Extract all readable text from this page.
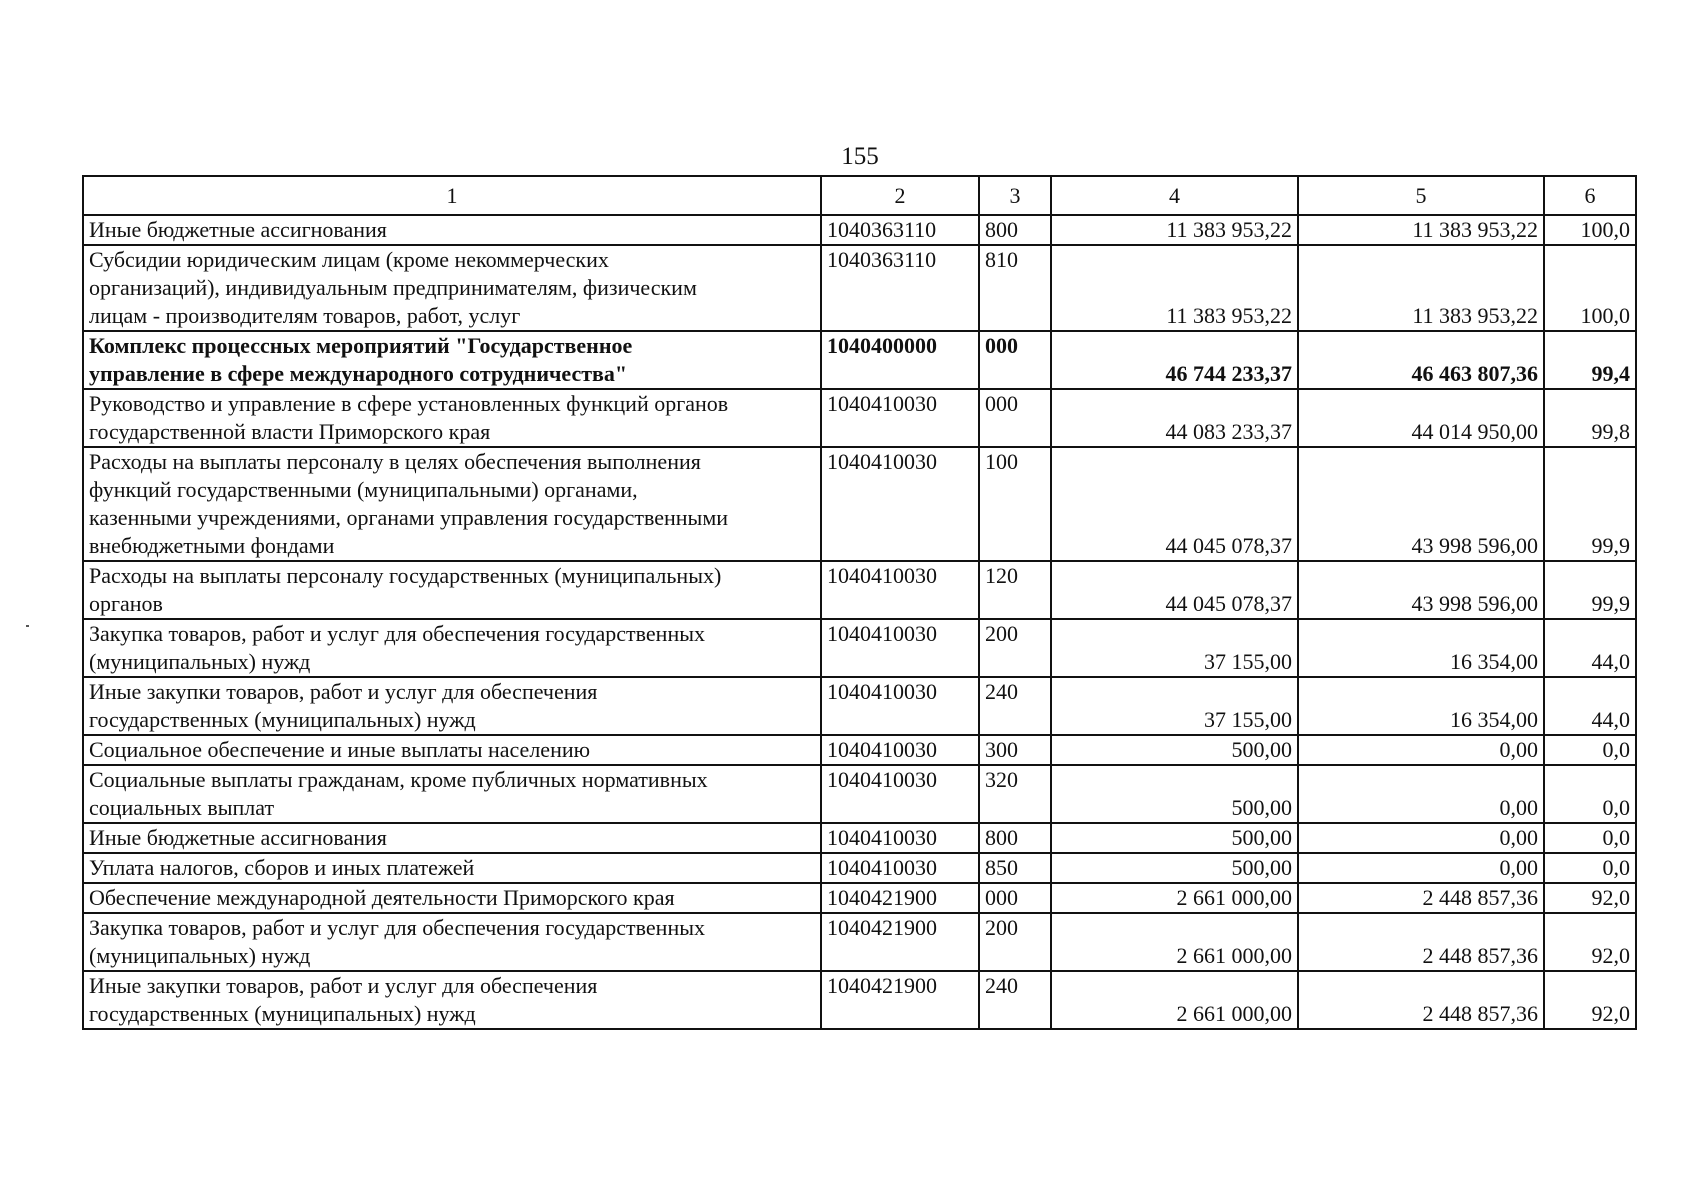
155
1	2	3	4	5	6

Иные бюджетные ассигнования	1040363110	800	11 383 953,22	11 383 953,22	100,0

Субсидии юридическим лицам (кроме некоммерческих
организаций), индивидуальным предпринимателям, физическим
лицам - производителям товаров, работ, услуг	1040363110	810	11 383 953,22	11 383 953,22	100,0

Комплекс процессных мероприятий "Государственное
управление в сфере международного сотрудничества"	1040400000	000	46 744 233,37	46 463 807,36	99,4

Руководство и управление в сфере установленных функций органов
государственной власти Приморского края	1040410030	000	44 083 233,37	44 014 950,00	99,8

Расходы на выплаты персоналу в целях обеспечения выполнения
функций государственными (муниципальными) органами,
казенными учреждениями, органами управления государственными
внебюджетными фондами	1040410030	100	44 045 078,37	43 998 596,00	99,9

Расходы на выплаты персоналу государственных (муниципальных)
органов	1040410030	120	44 045 078,37	43 998 596,00	99,9

Закупка товаров, работ и услуг для обеспечения государственных
(муниципальных) нужд	1040410030	200	37 155,00	16 354,00	44,0

Иные закупки товаров, работ и услуг для обеспечения
государственных (муниципальных) нужд	1040410030	240	37 155,00	16 354,00	44,0

Социальное обеспечение и иные выплаты населению	1040410030	300	500,00	0,00	0,0

Социальные выплаты гражданам, кроме публичных нормативных
социальных выплат	1040410030	320	500,00	0,00	0,0

Иные бюджетные ассигнования	1040410030	800	500,00	0,00	0,0

Уплата налогов, сборов и иных платежей	1040410030	850	500,00	0,00	0,0

Обеспечение международной деятельности Приморского края	1040421900	000	2 661 000,00	2 448 857,36	92,0

Закупка товаров, работ и услуг для обеспечения государственных
(муниципальных) нужд	1040421900	200	2 661 000,00	2 448 857,36	92,0

Иные закупки товаров, работ и услуг для обеспечения
государственных (муниципальных) нужд	1040421900	240	2 661 000,00	2 448 857,36	92,0
